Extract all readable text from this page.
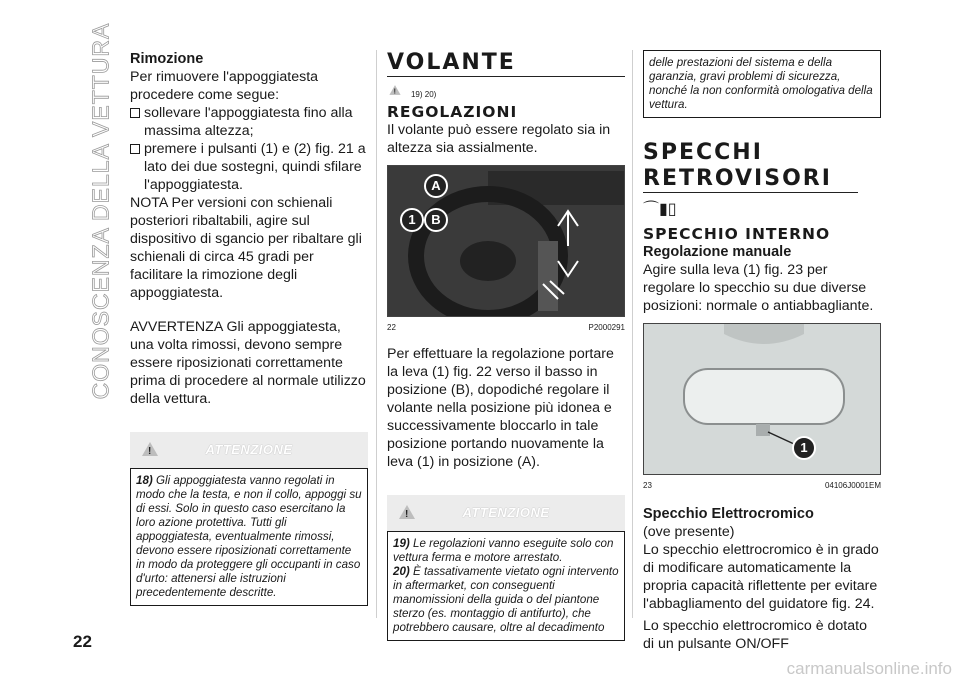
CONOSCENZA DELLA VETTURA Rimozione

Per rimuovere l'appoggiatesta procedere come segue:

sollevare l'appoggiatesta fino alla massima altezza;
premere i pulsanti (1) e (2) fig. 21 a lato dei due sostegni, quindi sfilare l'appoggiatesta.

NOTA Per versioni con schienali posteriori ribaltabili, agire sul dispositivo di sgancio per ribaltare gli schienali di circa 45 gradi per facilitare la rimozione degli appoggiatesta.

AVVERTENZA Gli appoggiatesta, una volta rimossi, devono sempre essere riposizionati correttamente prima di procedere al normale utilizzo della vettura.

!
ATTENZIONE
18) Gli appoggiatesta vanno regolati in modo che la testa, e non il collo, appoggi su di essi. Solo in questo caso esercitano la loro azione protettiva. Tutti gli appoggiatesta, eventualmente rimossi, devono essere riposizionati correttamente in modo da proteggere gli occupanti in caso d'urto: attenersi alle istruzioni precedentemente descritte.
VOLANTE
! 19) 20)
REGOLAZIONI

Il volante può essere regolato sia in altezza sia assialmente.

A
1	B
22	P2000291

Per effettuare la regolazione portare la leva (1) fig. 22 verso il basso in posizione (B), dopodiché regolare il volante nella posizione più idonea e successivamente bloccarlo in tale posizione portando nuovamente la leva (1) in posizione (A).

!
ATTENZIONE
19) Le regolazioni vanno eseguite solo con vettura ferma e motore arrestato.
20) È tassativamente vietato ogni intervento in aftermarket, con conseguenti manomissioni della guida o del piantone sterzo (es. montaggio di antifurto), che potrebbero causare, oltre al decadimento
delle prestazioni del sistema e della garanzia, gravi problemi di sicurezza, nonché la non conformità omologativa della vettura.
SPECCHI RETROVISORI
⌒▮▯
SPECCHIO INTERNO
Regolazione manuale

Agire sulla leva (1) fig. 23 per regolare lo specchio su due diverse posizioni: normale o antiabbagliante.

1
23	04106J0001EM
Specchio Elettrocromico

(ove presente)

Lo specchio elettrocromico è in grado di modificare automaticamente la propria capacità riflettente per evitare l'abbagliamento del guidatore fig. 24.

Lo specchio elettrocromico è dotato di un pulsante ON/OFF

22
carmanualsonline.info
